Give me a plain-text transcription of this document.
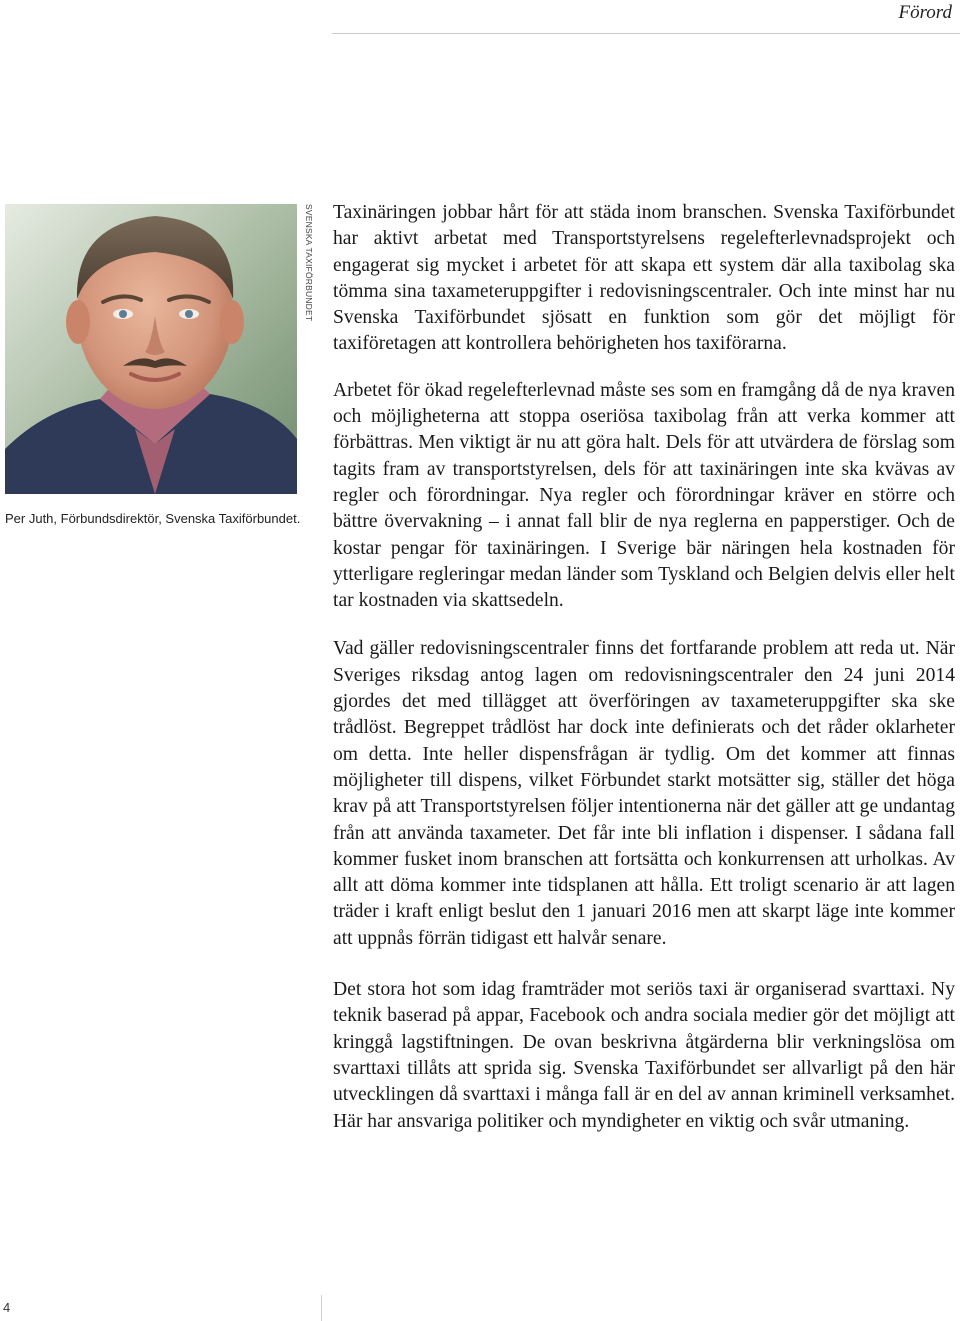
Förord
SVENSKA TAXIFÖRBUNDET
Per Juth, Förbundsdirektör, Svenska Taxiförbundet.

Taxinäringen jobbar hårt för att städa inom branschen. Svenska Taxiförbundet har aktivt arbetat med Transportstyrelsens regelefterlevnadsprojekt och engagerat sig mycket i arbetet för att skapa ett system där alla taxibolag ska tömma sina taxameteruppgifter i redovisningscentraler. Och inte minst har nu Svenska Taxiförbundet sjösatt en funktion som gör det möjligt för taxiföretagen att kontrollera behörigheten hos taxiförarna.

Arbetet för ökad regelefterlevnad måste ses som en framgång då de nya kraven och möjligheterna att stoppa oseriösa taxibolag från att verka kommer att förbättras. Men viktigt är nu att göra halt. Dels för att utvärdera de förslag som tagits fram av transportstyrelsen, dels för att taxinäringen inte ska kvävas av regler och förordningar. Nya regler och förordningar kräver en större och bättre övervakning – i annat fall blir de nya reglerna en papperstiger. Och de kostar pengar för taxinäringen. I Sverige bär näringen hela kostnaden för ytterligare regleringar medan länder som Tyskland och Belgien delvis eller helt tar kostnaden via skattsedeln.

Vad gäller redovisningscentraler finns det fortfarande problem att reda ut. När Sveriges riksdag antog lagen om redovisningscentraler den 24 juni 2014 gjordes det med tillägget att överföringen av taxameteruppgifter ska ske trådlöst. Begreppet trådlöst har dock inte definierats och det råder oklarheter om detta. Inte heller dispensfrågan är tydlig. Om det kommer att finnas möjligheter till dispens, vilket Förbundet starkt motsätter sig, ställer det höga krav på att Transportstyrelsen följer intentionerna när det gäller att ge undantag från att använda taxameter. Det får inte bli inflation i dispenser. I sådana fall kommer fusket inom branschen att fortsätta och konkurrensen att urholkas. Av allt att döma kommer inte tidsplanen att hålla. Ett troligt scenario är att lagen träder i kraft enligt beslut den 1 januari 2016 men att skarpt läge inte kommer att uppnås förrän tidigast ett halvår senare.

Det stora hot som idag framträder mot seriös taxi är organiserad svarttaxi. Ny teknik baserad på appar, Facebook och andra sociala medier gör det möjligt att kringgå lagstiftningen. De ovan beskrivna åtgärderna blir verkningslösa om svarttaxi tillåts att sprida sig. Svenska Taxiförbundet ser allvarligt på den här utvecklingen då svarttaxi i många fall är en del av annan kriminell verksamhet. Här har ansvariga politiker och myndigheter en viktig och svår utmaning.

4
